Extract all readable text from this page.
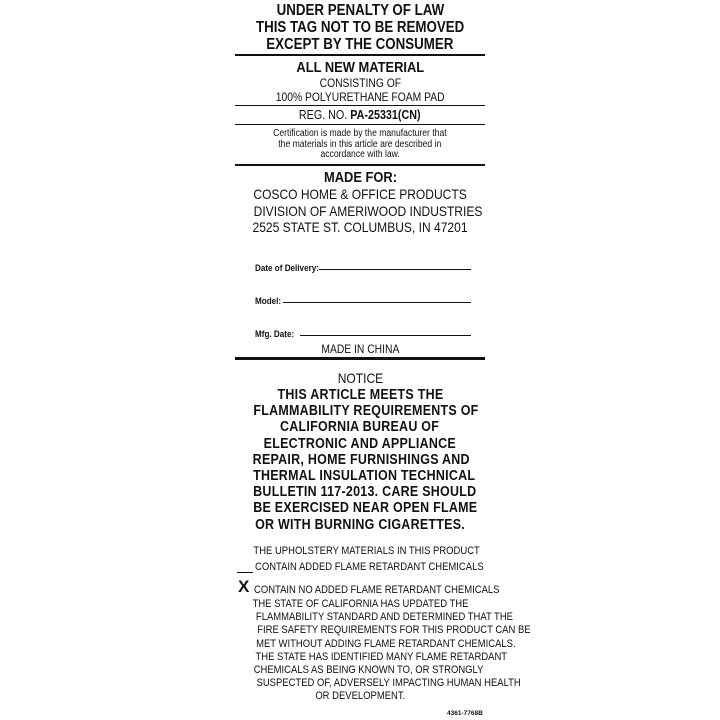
UNDER PENALTY OF LAW
THIS TAG NOT TO BE REMOVED
EXCEPT BY THE CONSUMER
ALL NEW MATERIAL
CONSISTING OF
100% POLYURETHANE FOAM PAD
REG. NO. PA-25331(CN)
Certification is made by the manufacturer that
the materials in this article are described in
accordance with law.
MADE FOR:
COSCO HOME & OFFICE PRODUCTS
DIVISION OF AMERIWOOD INDUSTRIES
2525 STATE ST. COLUMBUS, IN 47201
Date of Delivery:
Model:
Mfg. Date:
MADE IN CHINA
NOTICE
THIS ARTICLE MEETS THE
FLAMMABILITY REQUIREMENTS OF
CALIFORNIA BUREAU OF
ELECTRONIC AND APPLIANCE
REPAIR, HOME FURNISHINGS AND
THERMAL INSULATION TECHNICAL
BULLETIN 117-2013. CARE SHOULD
BE EXERCISED NEAR OPEN FLAME
OR WITH BURNING CIGARETTES.
THE UPHOLSTERY MATERIALS IN THIS PRODUCT
CONTAIN ADDED FLAME RETARDANT CHEMICALS
X CONTAIN NO ADDED FLAME RETARDANT CHEMICALS
THE STATE OF CALIFORNIA HAS UPDATED THE
FLAMMABILITY STANDARD AND DETERMINED THAT THE
FIRE SAFETY REQUIREMENTS FOR THIS PRODUCT CAN BE
MET WITHOUT ADDING FLAME RETARDANT CHEMICALS.
THE STATE HAS IDENTIFIED MANY FLAME RETARDANT
CHEMICALS AS BEING KNOWN TO, OR STRONGLY
SUSPECTED OF, ADVERSELY IMPACTING HUMAN HEALTH
OR DEVELOPMENT.
4361-7768B
